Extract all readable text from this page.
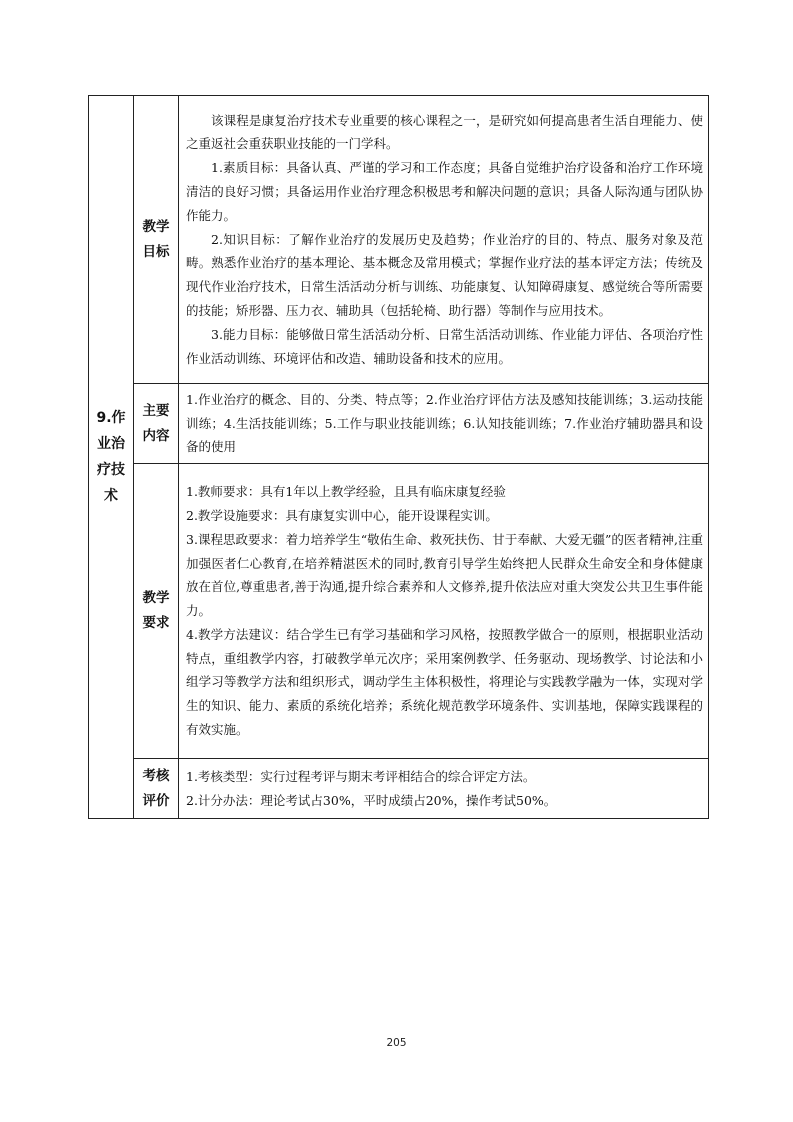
9.作业治疗技术	教学目标	该课程是康复治疗技术专业重要的核心课程之一，是研究如何提高患者生活自理能力、使之重返社会重获职业技能的一门学科。

1.素质目标：具备认真、严谨的学习和工作态度；具备自觉维护治疗设备和治疗工作环境清洁的良好习惯；具备运用作业治疗理念积极思考和解决问题的意识；具备人际沟通与团队协作能力。

2.知识目标：了解作业治疗的发展历史及趋势；作业治疗的目的、特点、服务对象及范畴。熟悉作业治疗的基本理论、基本概念及常用模式；掌握作业疗法的基本评定方法；传统及现代作业治疗技术，日常生活活动分析与训练、功能康复、认知障碍康复、感觉统合等所需要的技能；矫形器、压力衣、辅助具（包括轮椅、助行器）等制作与应用技术。

3.能力目标：能够做日常生活活动分析、日常生活活动训练、作业能力评估、各项治疗性作业活动训练、环境评估和改造、辅助设备和技术的应用。

	主要内容	1.作业治疗的概念、目的、分类、特点等；2.作业治疗评估方法及感知技能训练；3.运动技能训练；4.生活技能训练；5.工作与职业技能训练；6.认知技能训练；7.作业治疗辅助器具和设备的使用

	教学要求	1.教师要求：具有1年以上教学经验，且具有临床康复经验

2.教学设施要求：具有康复实训中心，能开设课程实训。

3.课程思政要求：着力培养学生“敬佑生命、救死扶伤、甘于奉献、大爱无疆”的医者精神,注重加强医者仁心教育,在培养精湛医术的同时,教育引导学生始终把人民群众生命安全和身体健康放在首位,尊重患者,善于沟通,提升综合素养和人文修养,提升依法应对重大突发公共卫生事件能力。

4.教学方法建议：结合学生已有学习基础和学习风格，按照教学做合一的原则，根据职业活动特点，重组教学内容，打破教学单元次序；采用案例教学、任务驱动、现场教学、讨论法和小组学习等教学方法和组织形式，调动学生主体积极性，将理论与实践教学融为一体，实现对学生的知识、能力、素质的系统化培养；系统化规范教学环境条件、实训基地，保障实践课程的有效实施。

	考核评价	1.考核类型：实行过程考评与期末考评相结合的综合评定方法。

2.计分办法：理论考试占30%，平时成绩占20%，操作考试50%。

205
